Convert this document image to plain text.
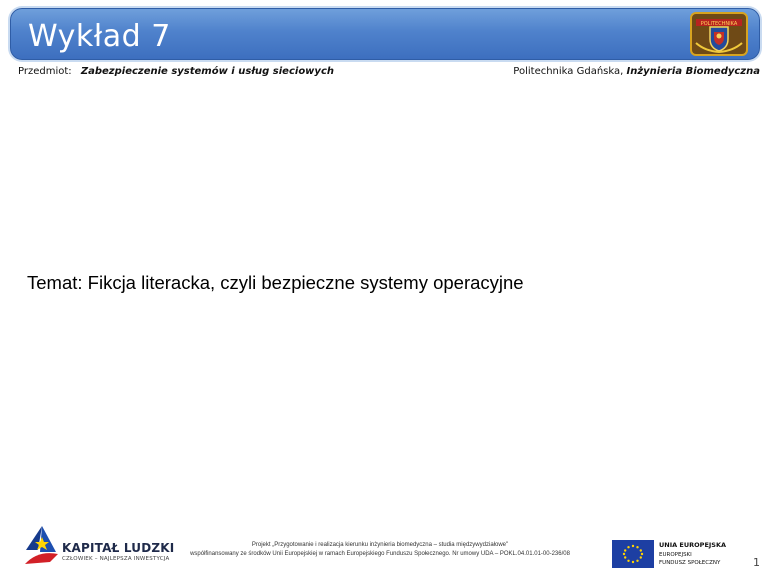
Wykład 7	POLITECHNIKA
Przedmiot: Zabezpieczenie systemów i usług sieciowych	Politechnika Gdańska, Inżynieria Biomedyczna
Temat: Fikcja literacka, czyli bezpieczne systemy operacyjne
KAPITAŁ LUDZKI
CZŁOWIEK – NAJLEPSZA INWESTYCJA
Projekt „Przygotowanie i realizacja kierunku inżynieria biomedyczna – studia międzywydziałowe"
współfinansowany ze środków Unii Europejskiej w ramach Europejskiego Funduszu Społecznego. Nr umowy UDA – POKL.04.01.01-00-236/08
UNIA EUROPEJSKA
EUROPEJSKI
FUNDUSZ SPOŁECZNY	1
